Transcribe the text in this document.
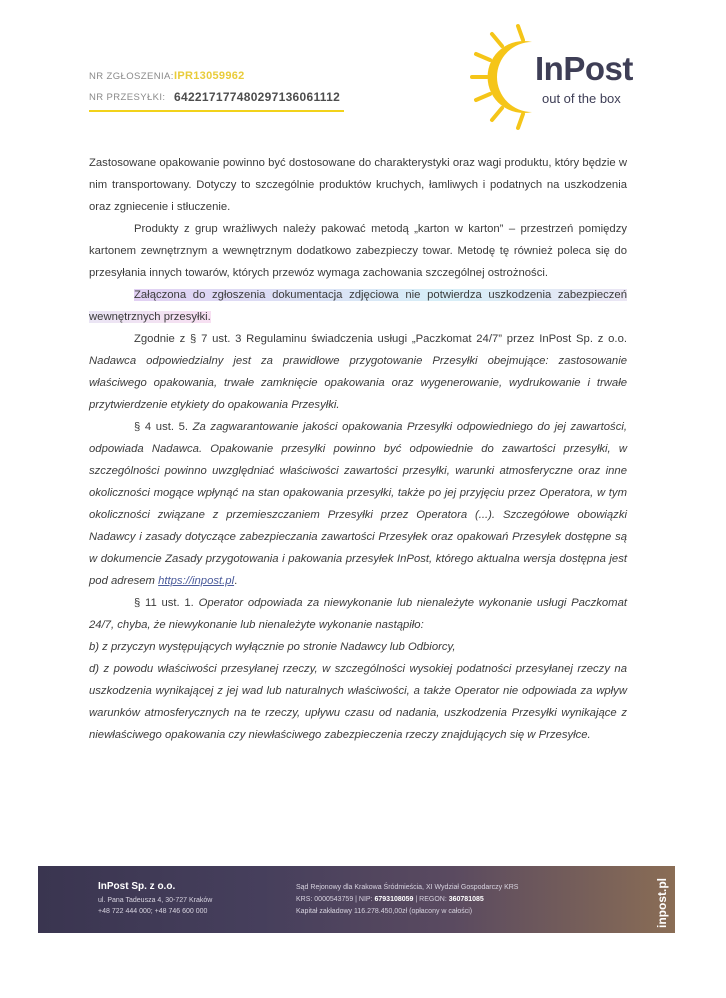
NR ZGŁOSZENIA: IPR13059962
NR PRZESYŁKI: 642217177480297136061112
InPost
out of the box

Zastosowane opakowanie powinno być dostosowane do charakterystyki oraz wagi produktu, który będzie w nim transportowany. Dotyczy to szczególnie produktów kruchych, łamliwych i podatnych na uszkodzenia oraz zgniecenie i stłuczenie.

Produkty z grup wrażliwych należy pakować metodą „karton w karton” – przestrzeń pomiędzy kartonem zewnętrznym a wewnętrznym dodatkowo zabezpieczy towar. Metodę tę również poleca się do przesyłania innych towarów, których przewóz wymaga zachowania szczególnej ostrożności.

Załączona do zgłoszenia dokumentacja zdjęciowa nie potwierdza uszkodzenia zabezpieczeń wewnętrznych przesyłki.

Zgodnie z § 7 ust. 3 Regulaminu świadczenia usługi „Paczkomat 24/7” przez InPost Sp. z o.o. Nadawca odpowiedzialny jest za prawidłowe przygotowanie Przesyłki obejmujące: zastosowanie właściwego opakowania, trwałe zamknięcie opakowania oraz wygenerowanie, wydrukowanie i trwałe przytwierdzenie etykiety do opakowania Przesyłki.

§ 4 ust. 5. Za zagwarantowanie jakości opakowania Przesyłki odpowiedniego do jej zawartości, odpowiada Nadawca. Opakowanie przesyłki powinno być odpowiednie do zawartości przesyłki, w szczególności powinno uwzględniać właściwości zawartości przesyłki, warunki atmosferyczne oraz inne okoliczności mogące wpłynąć na stan opakowania przesyłki, także po jej przyjęciu przez Operatora, w tym okoliczności związane z przemieszczaniem Przesyłki przez Operatora (...). Szczegółowe obowiązki Nadawcy i zasady dotyczące zabezpieczania zawartości Przesyłek oraz opakowań Przesyłek dostępne są w dokumencie Zasady przygotowania i pakowania przesyłek InPost, którego aktualna wersja dostępna jest pod adresem https://inpost.pl.

§ 11 ust. 1. Operator odpowiada za niewykonanie lub nienależyte wykonanie usługi Paczkomat 24/7, chyba, że niewykonanie lub nienależyte wykonanie nastąpiło:

b) z przyczyn występujących wyłącznie po stronie Nadawcy lub Odbiorcy,

d) z powodu właściwości przesyłanej rzeczy, w szczególności wysokiej podatności przesyłanej rzeczy na uszkodzenia wynikającej z jej wad lub naturalnych właściwości, a także Operator nie odpowiada za wpływ warunków atmosferycznych na te rzeczy, upływu czasu od nadania, uszkodzenia Przesyłki wynikające z niewłaściwego opakowania czy niewłaściwego zabezpieczenia rzeczy znajdujących się w Przesyłce.

InPost Sp. z o.o.
ul. Pana Tadeusza 4, 30-727 Kraków
+48 722 444 000; +48 746 600 000
Sąd Rejonowy dla Krakowa Śródmieścia, XI Wydział Gospodarczy KRS
KRS: 0000543759 | NIP: 6793108059 | REGON: 360781085
Kapitał zakładowy 116.278.450,00zł (opłacony w całości)	inpost.pl
